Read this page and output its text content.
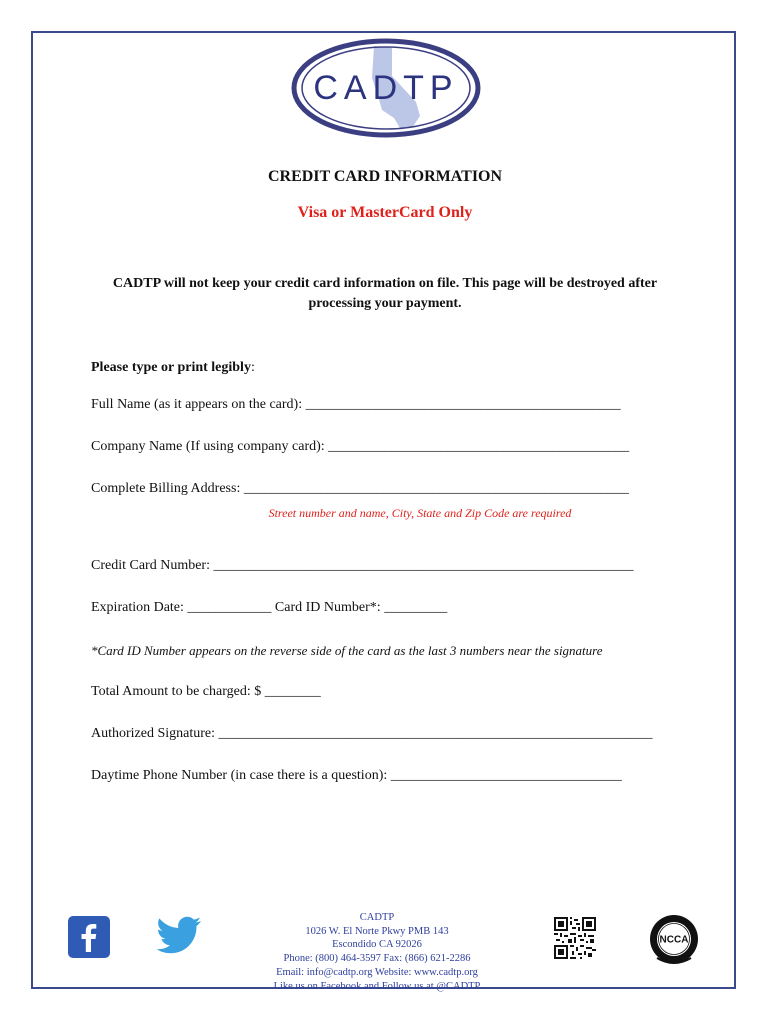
CADTP
CREDIT CARD INFORMATION
Visa or MasterCard Only
CADTP will not keep your credit card information on file. This page will be destroyed after
processing your payment.
Please type or print legibly:
Full Name (as it appears on the card): _____________________________________________
Company Name (If using company card): ___________________________________________
Complete Billing Address: _______________________________________________________
Street number and name, City, State and Zip Code are required
Credit Card Number: ____________________________________________________________
Expiration Date: ____________ Card ID Number*: _________
*Card ID Number appears on the reverse side of the card as the last 3 numbers near the signature
Total Amount to be charged: $ ________
Authorized Signature: ______________________________________________________________
Daytime Phone Number (in case there is a question): _________________________________
CADTP
1026 W. El Norte Pkwy PMB 143
Escondido CA 92026
Phone: (800) 464-3597 Fax: (866) 621-2286
Email: info@cadtp.org Website: www.cadtp.org
Like us on Facebook and Follow us at @CADTP
NCCA
